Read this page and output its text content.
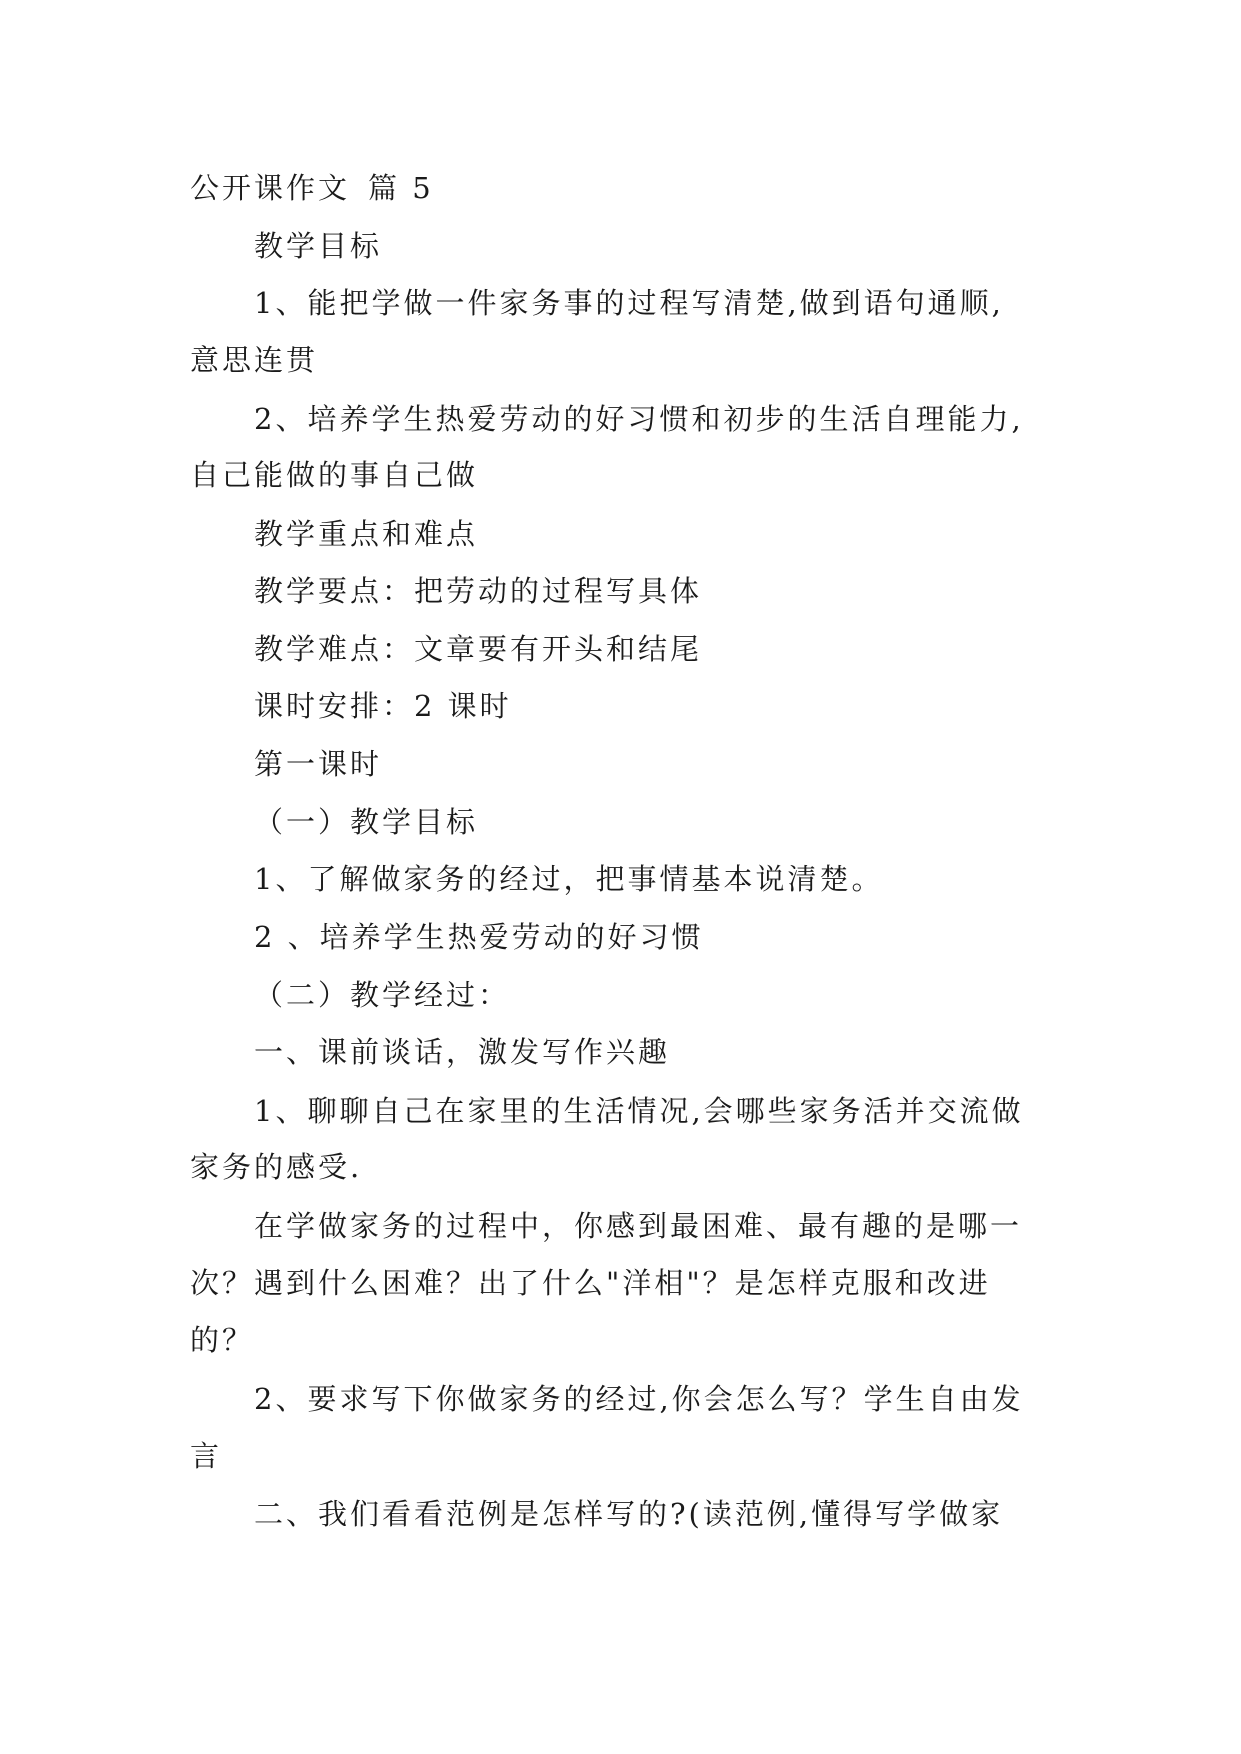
公开课作文 篇 5
教学目标
1、能把学做一件家务事的过程写清楚,做到语句通顺,
意思连贯
2、培养学生热爱劳动的好习惯和初步的生活自理能力,
自己能做的事自己做
教学重点和难点
教学要点：把劳动的过程写具体
教学难点：文章要有开头和结尾
课时安排：2 课时
第一课时
（一）教学目标
1、了解做家务的经过，把事情基本说清楚。
2 、培养学生热爱劳动的好习惯
（二）教学经过：
一、课前谈话，激发写作兴趣
1、聊聊自己在家里的生活情况,会哪些家务活并交流做
家务的感受.
在学做家务的过程中，你感到最困难、最有趣的是哪一
次？遇到什么困难？出了什么"洋相"？是怎样克服和改进
的？
2、要求写下你做家务的经过,你会怎么写？学生自由发
言
二、我们看看范例是怎样写的?(读范例,懂得写学做家
